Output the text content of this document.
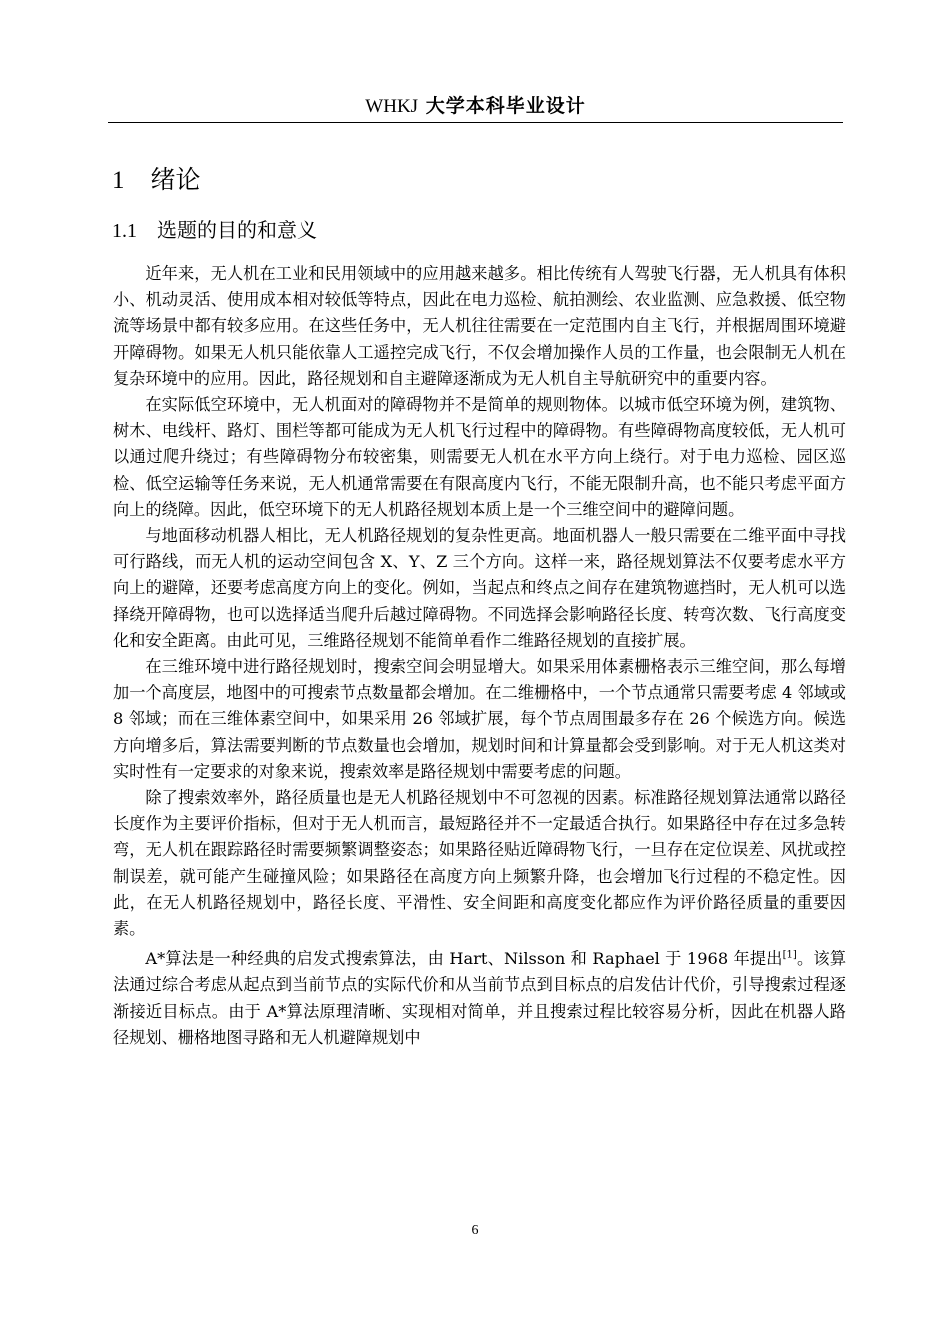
WHKJ 大学本科毕业设计
1 绪论
1.1 选题的目的和意义

近年来，无人机在工业和民用领域中的应用越来越多。相比传统有人驾驶飞行器，无人机具有体积小、机动灵活、使用成本相对较低等特点，因此在电力巡检、航拍测绘、农业监测、应急救援、低空物流等场景中都有较多应用。在这些任务中，无人机往往需要在一定范围内自主飞行，并根据周围环境避开障碍物。如果无人机只能依靠人工遥控完成飞行，不仅会增加操作人员的工作量，也会限制无人机在复杂环境中的应用。因此，路径规划和自主避障逐渐成为无人机自主导航研究中的重要内容。

在实际低空环境中，无人机面对的障碍物并不是简单的规则物体。以城市低空环境为例，建筑物、树木、电线杆、路灯、围栏等都可能成为无人机飞行过程中的障碍物。有些障碍物高度较低，无人机可以通过爬升绕过；有些障碍物分布较密集，则需要无人机在水平方向上绕行。对于电力巡检、园区巡检、低空运输等任务来说，无人机通常需要在有限高度内飞行，不能无限制升高，也不能只考虑平面方向上的绕障。因此，低空环境下的无人机路径规划本质上是一个三维空间中的避障问题。

与地面移动机器人相比，无人机路径规划的复杂性更高。地面机器人一般只需要在二维平面中寻找可行路线，而无人机的运动空间包含 X、Y、Z 三个方向。这样一来，路径规划算法不仅要考虑水平方向上的避障，还要考虑高度方向上的变化。例如，当起点和终点之间存在建筑物遮挡时，无人机可以选择绕开障碍物，也可以选择适当爬升后越过障碍物。不同选择会影响路径长度、转弯次数、飞行高度变化和安全距离。由此可见，三维路径规划不能简单看作二维路径规划的直接扩展。

在三维环境中进行路径规划时，搜索空间会明显增大。如果采用体素栅格表示三维空间，那么每增加一个高度层，地图中的可搜索节点数量都会增加。在二维栅格中，一个节点通常只需要考虑 4 邻域或 8 邻域；而在三维体素空间中，如果采用 26 邻域扩展，每个节点周围最多存在 26 个候选方向。候选方向增多后，算法需要判断的节点数量也会增加，规划时间和计算量都会受到影响。对于无人机这类对实时性有一定要求的对象来说，搜索效率是路径规划中需要考虑的问题。

除了搜索效率外，路径质量也是无人机路径规划中不可忽视的因素。标准路径规划算法通常以路径长度作为主要评价指标，但对于无人机而言，最短路径并不一定最适合执行。如果路径中存在过多急转弯，无人机在跟踪路径时需要频繁调整姿态；如果路径贴近障碍物飞行，一旦存在定位误差、风扰或控制误差，就可能产生碰撞风险；如果路径在高度方向上频繁升降，也会增加飞行过程的不稳定性。因此，在无人机路径规划中，路径长度、平滑性、安全间距和高度变化都应作为评价路径质量的重要因素。

A*算法是一种经典的启发式搜索算法，由 Hart、Nilsson 和 Raphael 于 1968 年提出[1]。该算法通过综合考虑从起点到当前节点的实际代价和从当前节点到目标点的启发估计代价，引导搜索过程逐渐接近目标点。由于 A*算法原理清晰、实现相对简单，并且搜索过程比较容易分析，因此在机器人路径规划、栅格地图寻路和无人机避障规划中

6
